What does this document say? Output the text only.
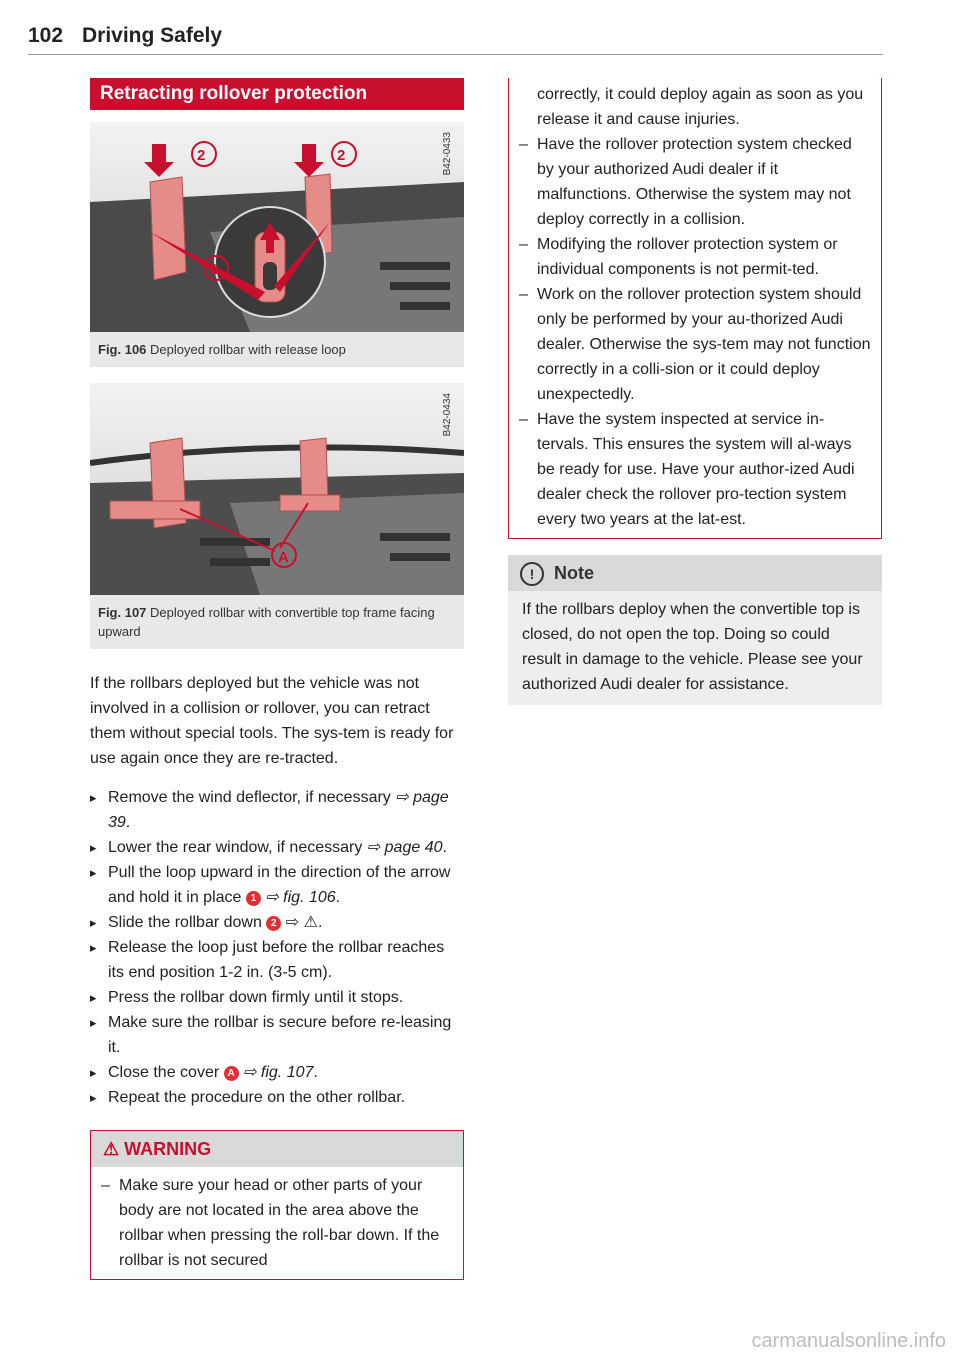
102 Driving Safely
Retracting rollover protection
2	2
1
B42-0433
Fig. 106 Deployed rollbar with release loop
A
B42-0434
Fig. 107 Deployed rollbar with convertible top frame facing upward
If the rollbars deployed but the vehicle was not involved in a collision or rollover, you can retract them without special tools. The sys-tem is ready for use again once they are re-tracted.
▸ Remove the wind deflector, if necessary ⇨ page 39.
▸ Lower the rear window, if necessary ⇨ page 40.
▸ Pull the loop upward in the direction of the arrow and hold it in place 1 ⇨ fig. 106.
▸ Slide the rollbar down 2 ⇨ ⚠.
▸ Release the loop just before the rollbar reaches its end position 1-2 in. (3-5 cm).
▸ Press the rollbar down firmly until it stops.
▸ Make sure the rollbar is secure before re-leasing it.
▸ Close the cover A ⇨ fig. 107.
▸ Repeat the procedure on the other rollbar.
⚠ WARNING
– Make sure your head or other parts of your body are not located in the area above the rollbar when pressing the roll-bar down. If the rollbar is not secured
correctly, it could deploy again as soon as you release it and cause injuries.
– Have the rollover protection system checked by your authorized Audi dealer if it malfunctions. Otherwise the system may not deploy correctly in a collision.
– Modifying the rollover protection system or individual components is not permit-ted.
– Work on the rollover protection system should only be performed by your au-thorized Audi dealer. Otherwise the sys-tem may not function correctly in a colli-sion or it could deploy unexpectedly.
– Have the system inspected at service in-tervals. This ensures the system will al-ways be ready for use. Have your author-ized Audi dealer check the rollover pro-tection system every two years at the lat-est.
! Note
If the rollbars deploy when the convertible top is closed, do not open the top. Doing so could result in damage to the vehicle. Please see your authorized Audi dealer for assistance.
carmanualsonline.info
